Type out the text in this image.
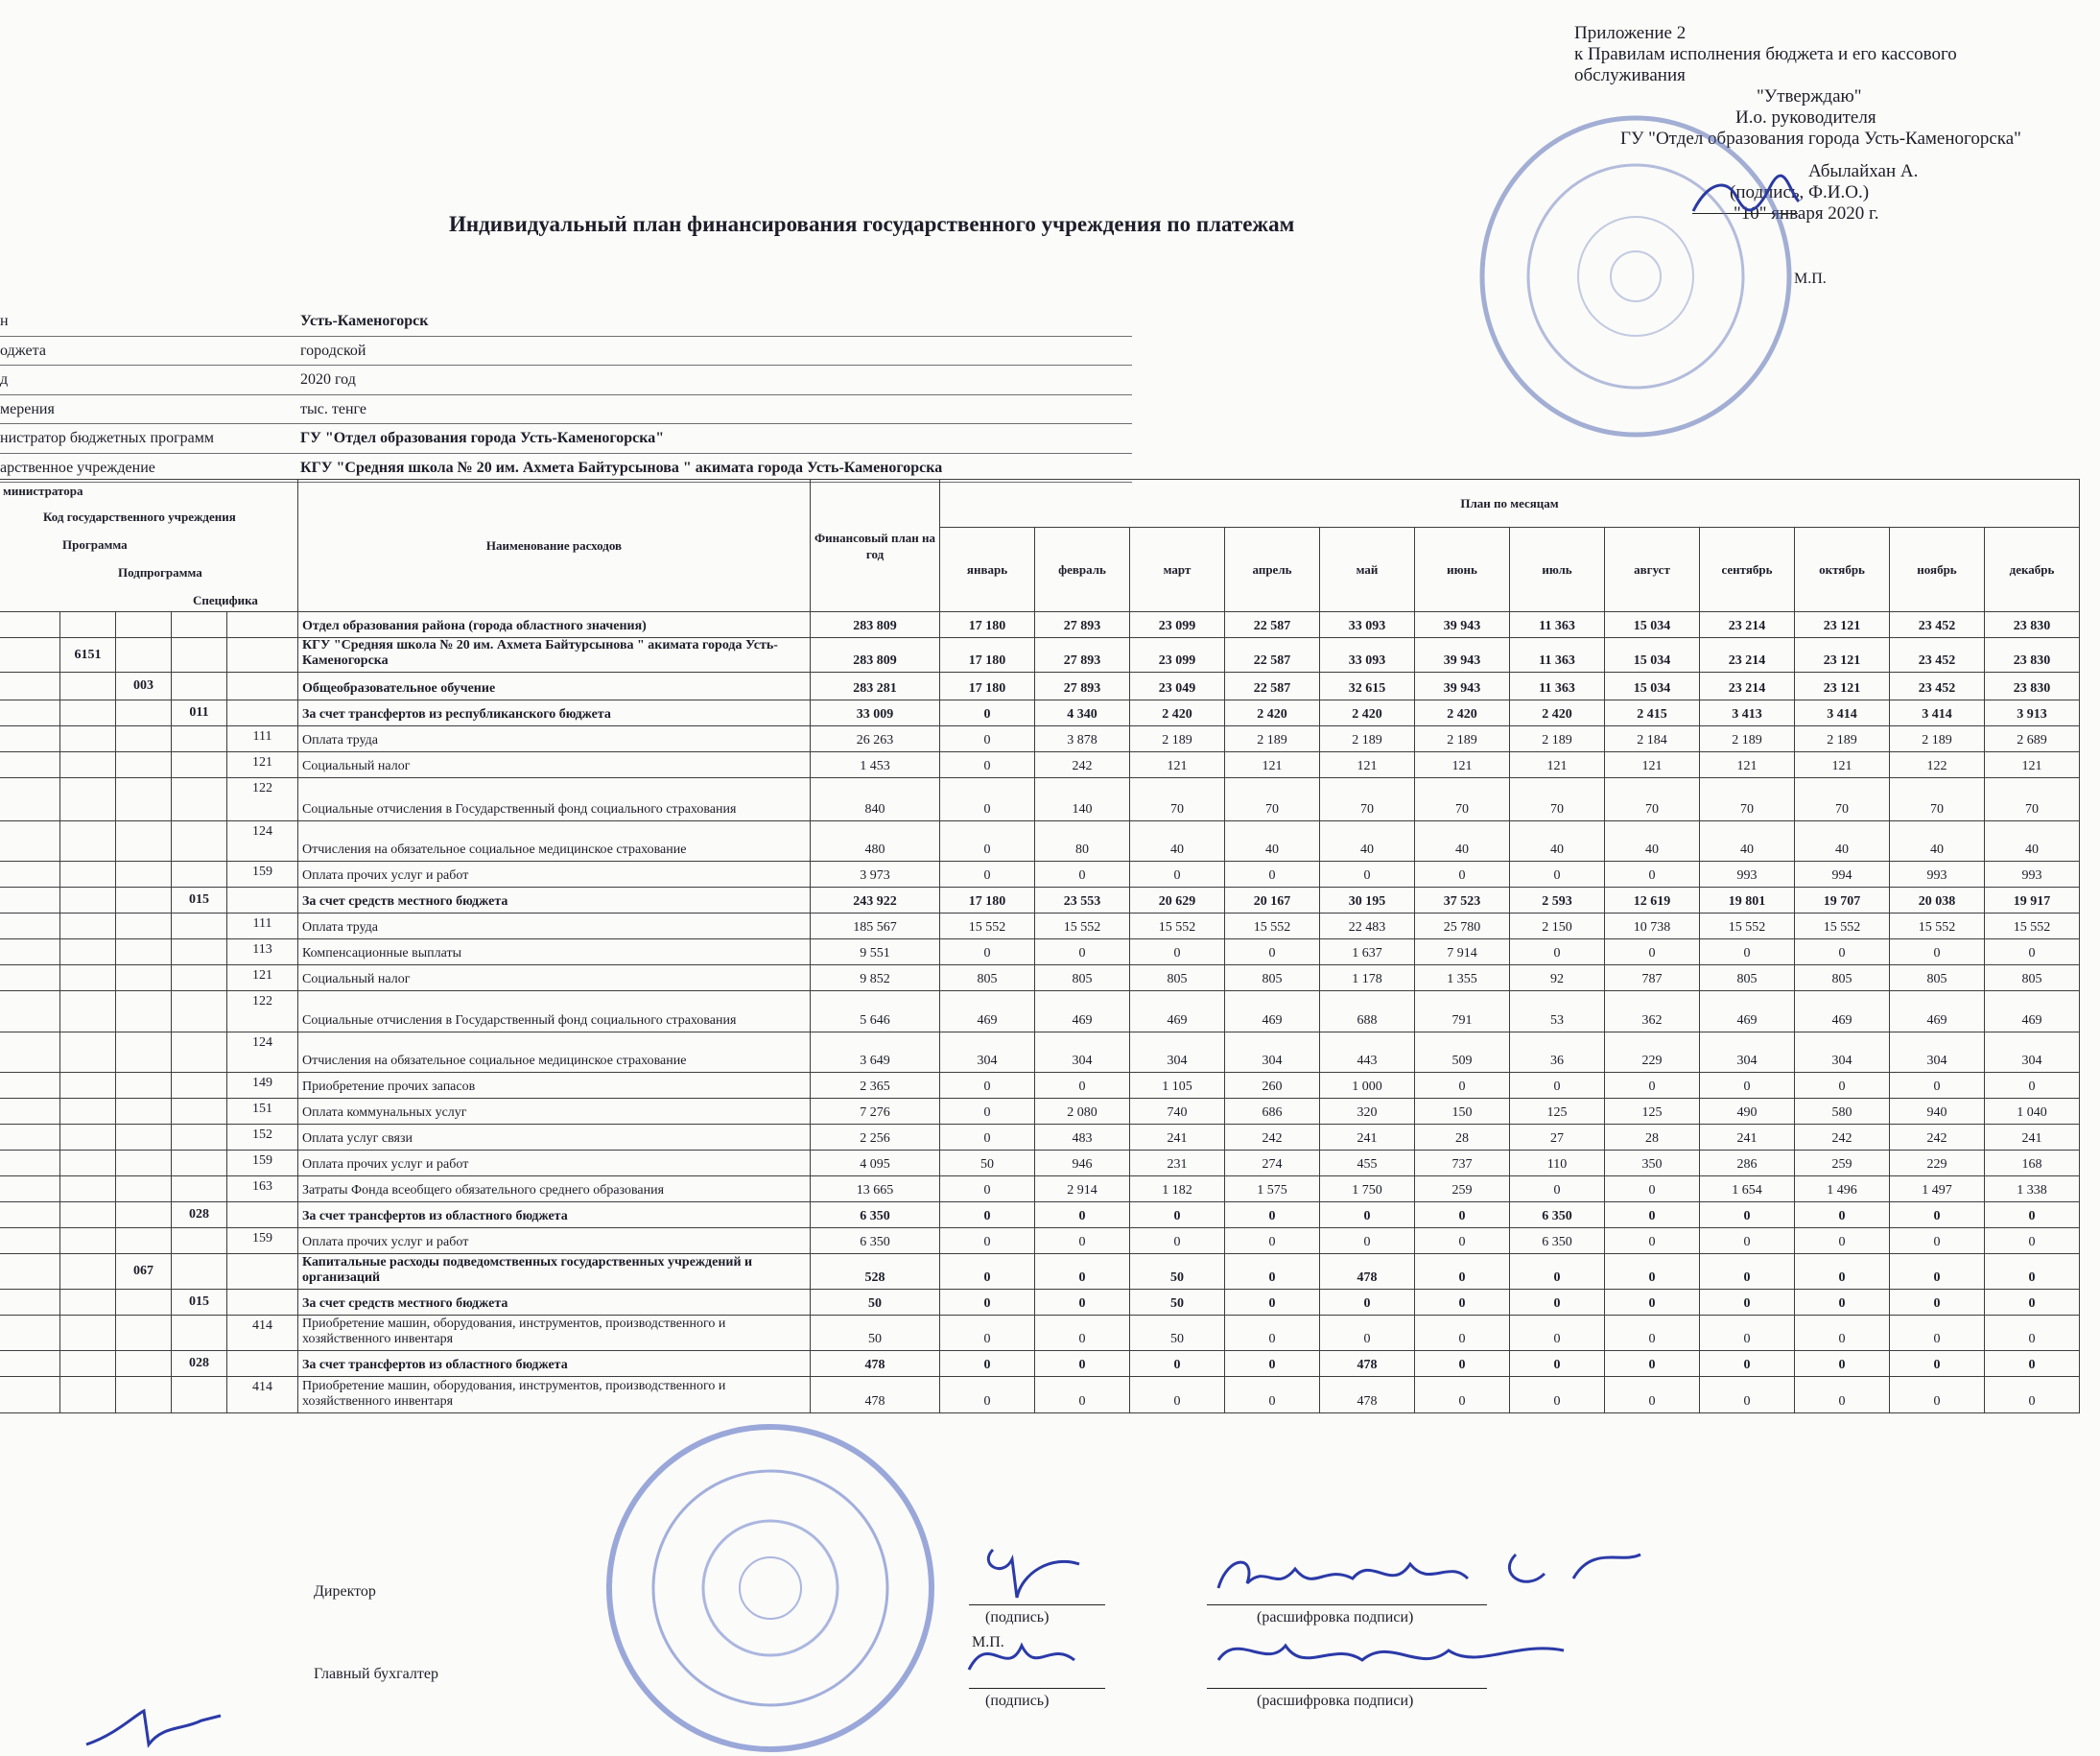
Приложение 2
к Правилам исполнения бюджета и его кассового
обслуживания
"Утверждаю"
И.о. руководителя
ГУ "Отдел образования города Усть-Каменогорска"
Абылайхан А.
(подпись, Ф.И.О.)
"10" января 2020 г.
М.П.
Индивидуальный план финансирования государственного учреждения по платежам
н	Усть-Каменогорск
оджета	городской
д	2020 год
мерения	тыс. тенге
нистратор бюджетных программ	ГУ "Отдел образования города Усть-Каменогорска"
арственное учреждение	КГУ "Средняя школа № 20 им. Ахмета Байтурсынова " акимата города Усть-Каменогорска
министратора
Код государственного учреждения
Программа
Подпрограмма
Специфика					Наименование расходов	Финансовый план на год	План по месяцам											
							январь	февраль	март	апрель	май	июнь	июль	август	сентябрь	октябрь	ноябрь	декабрь
					Отдел образования района (города областного значения)	283 809	17 180	27 893	23 099	22 587	33 093	39 943	11 363	15 034	23 214	23 121	23 452	23 830
	6151				КГУ "Средняя школа № 20 им. Ахмета Байтурсынова " акимата города Усть-Каменогорска	283 809	17 180	27 893	23 099	22 587	33 093	39 943	11 363	15 034	23 214	23 121	23 452	23 830
		003			Общеобразовательное обучение	283 281	17 180	27 893	23 049	22 587	32 615	39 943	11 363	15 034	23 214	23 121	23 452	23 830
			011		За счет трансфертов из республиканского бюджета	33 009	0	4 340	2 420	2 420	2 420	2 420	2 420	2 415	3 413	3 414	3 414	3 913
				111	Оплата труда	26 263	0	3 878	2 189	2 189	2 189	2 189	2 189	2 184	2 189	2 189	2 189	2 689
				121	Социальный налог	1 453	0	242	121	121	121	121	121	121	121	121	122	121
				122	Социальные отчисления в Государственный фонд социального страхования	840	0	140	70	70	70	70	70	70	70	70	70	70
				124	Отчисления на обязательное социальное медицинское страхование	480	0	80	40	40	40	40	40	40	40	40	40	40
				159	Оплата прочих услуг и работ	3 973	0	0	0	0	0	0	0	0	993	994	993	993
			015		За счет средств местного бюджета	243 922	17 180	23 553	20 629	20 167	30 195	37 523	2 593	12 619	19 801	19 707	20 038	19 917
				111	Оплата труда	185 567	15 552	15 552	15 552	15 552	22 483	25 780	2 150	10 738	15 552	15 552	15 552	15 552
				113	Компенсационные выплаты	9 551	0	0	0	0	1 637	7 914	0	0	0	0	0	0
				121	Социальный налог	9 852	805	805	805	805	1 178	1 355	92	787	805	805	805	805
				122	Социальные отчисления в Государственный фонд социального страхования	5 646	469	469	469	469	688	791	53	362	469	469	469	469
				124	Отчисления на обязательное социальное медицинское страхование	3 649	304	304	304	304	443	509	36	229	304	304	304	304
				149	Приобретение прочих запасов	2 365	0	0	1 105	260	1 000	0	0	0	0	0	0	0
				151	Оплата коммунальных услуг	7 276	0	2 080	740	686	320	150	125	125	490	580	940	1 040
				152	Оплата услуг связи	2 256	0	483	241	242	241	28	27	28	241	242	242	241
				159	Оплата прочих услуг и работ	4 095	50	946	231	274	455	737	110	350	286	259	229	168
				163	Затраты Фонда всеобщего обязательного среднего образования	13 665	0	2 914	1 182	1 575	1 750	259	0	0	1 654	1 496	1 497	1 338
			028		За счет трансфертов из областного бюджета	6 350	0	0	0	0	0	0	6 350	0	0	0	0	0
				159	Оплата прочих услуг и работ	6 350	0	0	0	0	0	0	6 350	0	0	0	0	0
		067			Капитальные расходы подведомственных государственных учреждений и организаций	528	0	0	50	0	478	0	0	0	0	0	0	0
			015		За счет средств местного бюджета	50	0	0	50	0	0	0	0	0	0	0	0	0
				414	Приобретение машин, оборудования, инструментов, производственного и хозяйственного инвентаря	50	0	0	50	0	0	0	0	0	0	0	0	0
			028		За счет трансфертов из областного бюджета	478	0	0	0	0	478	0	0	0	0	0	0	0
				414	Приобретение машин, оборудования, инструментов, производственного и хозяйственного инвентаря	478	0	0	0	0	478	0	0	0	0	0	0	0
Директор
(подпись)	(расшифровка подписи)
М.П.
Главный бухгалтер
(подпись)	(расшифровка подписи)
